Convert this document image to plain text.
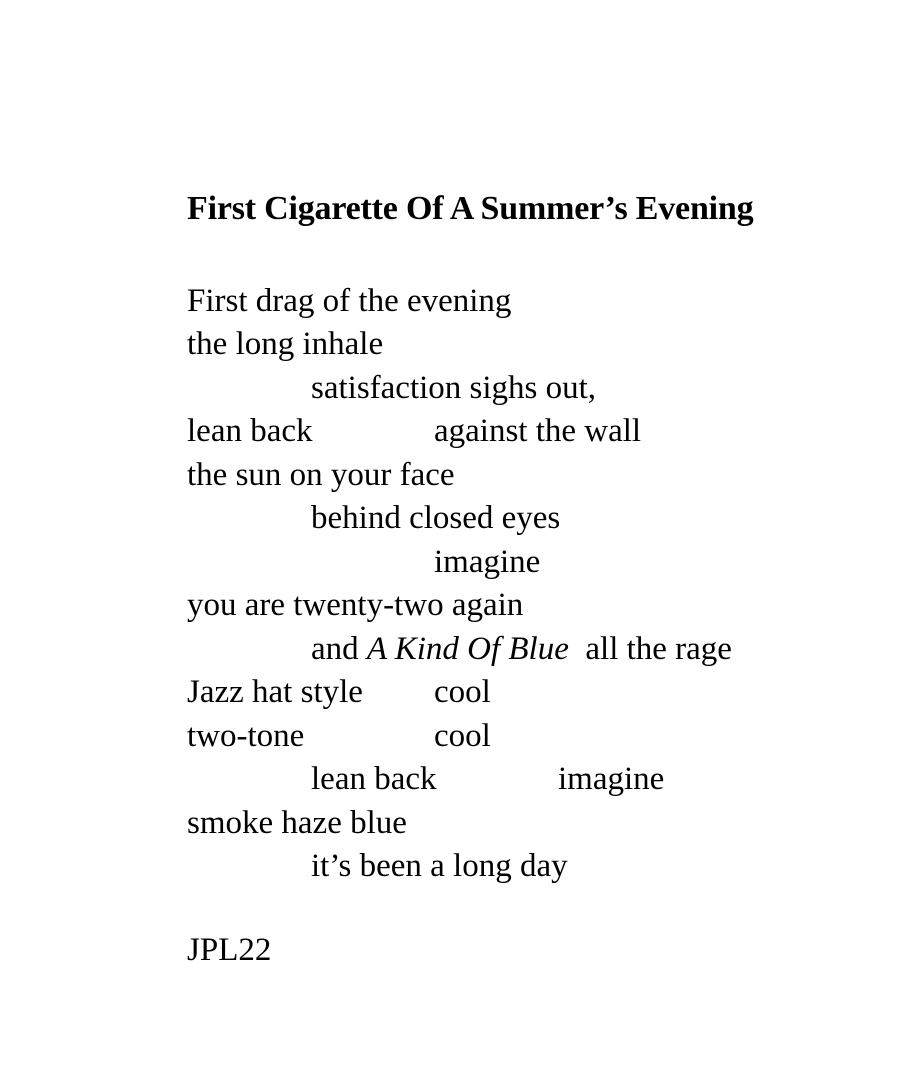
First Cigarette Of A Summer’s Evening
First drag of the evening
the long inhale
satisfaction sighs out,
lean back	against the wall
the sun on your face
behind closed eyes
imagine
you are twenty-two again
and A Kind Of Blue  all the rage
Jazz hat style cool
two-tone	cool
lean back	imagine
smoke haze blue
it’s been a long day
JPL22
